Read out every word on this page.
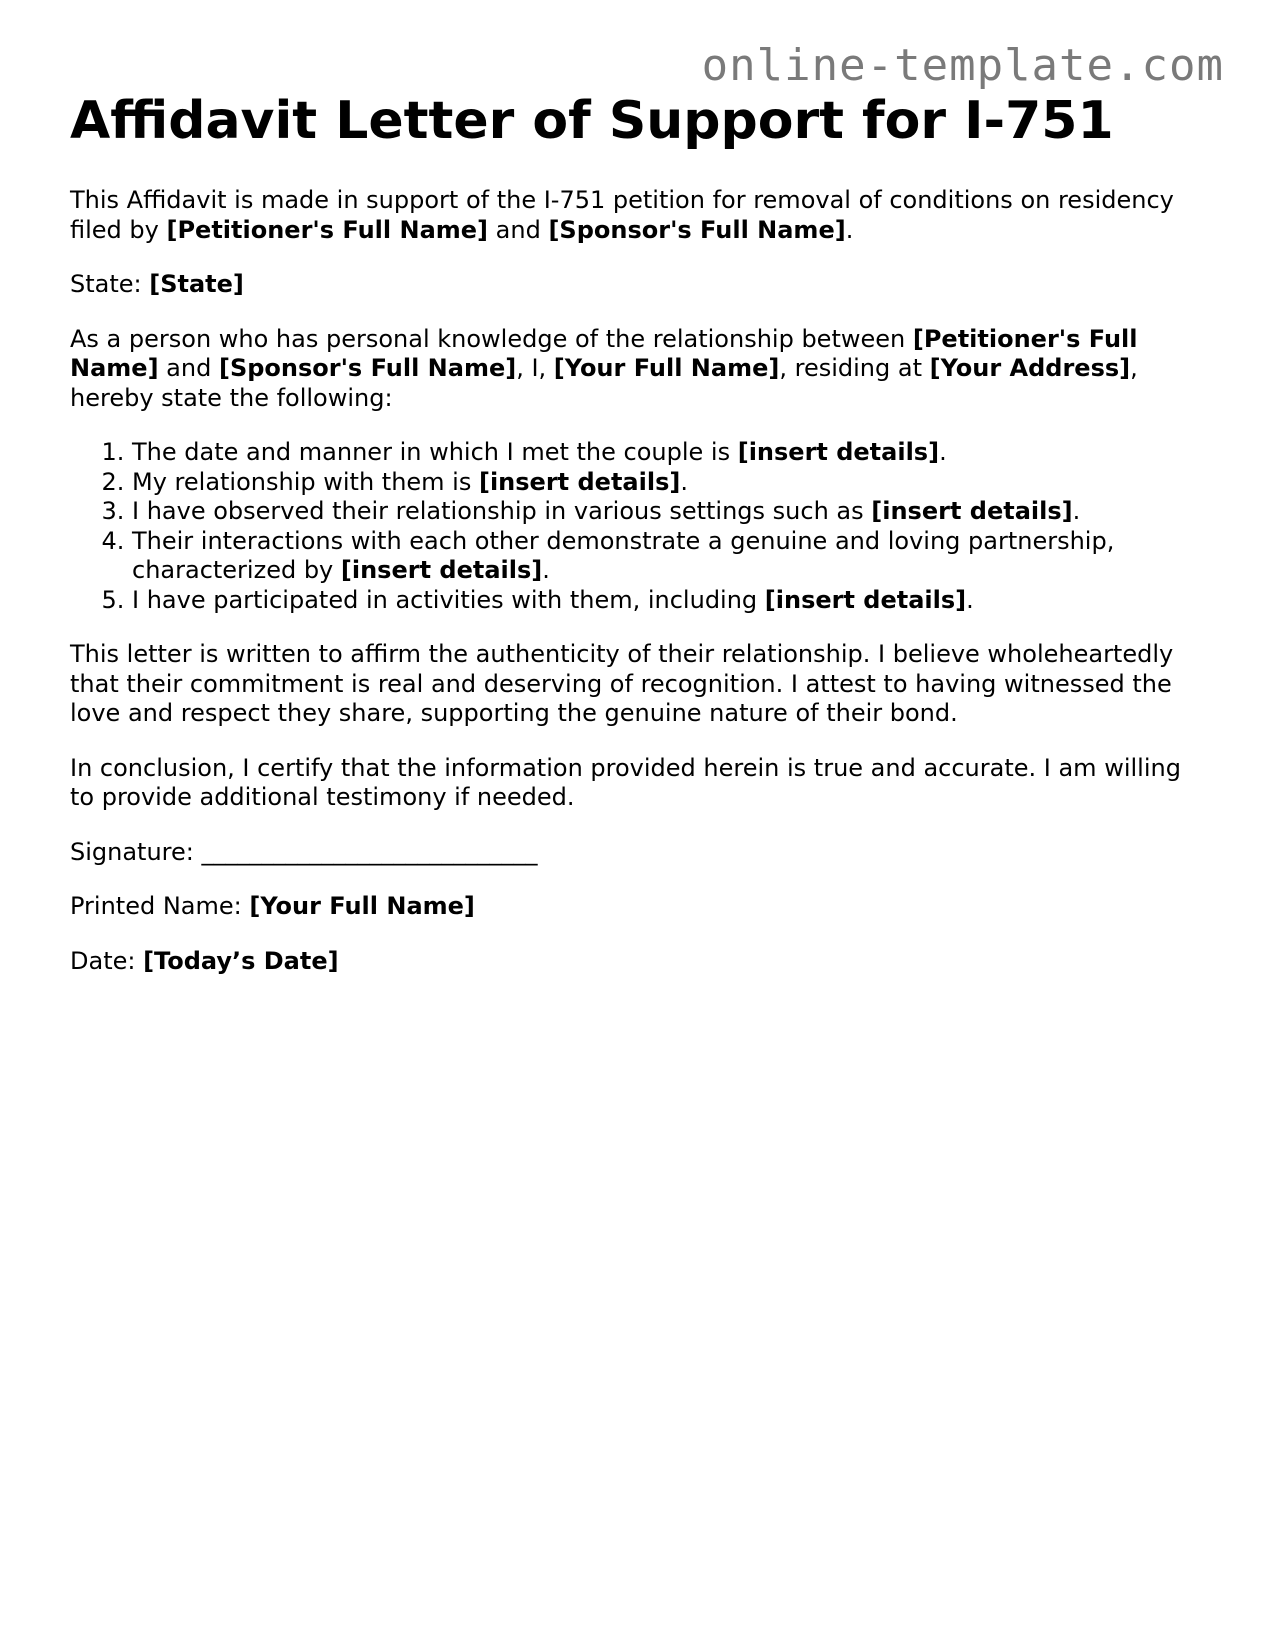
online-template.com
Affidavit Letter of Support for I-751

This Affidavit is made in support of the I-751 petition for removal of conditions on residency filed by [Petitioner's Full Name] and [Sponsor's Full Name].

State: [State]

As a person who has personal knowledge of the relationship between [Petitioner's Full Name] and [Sponsor's Full Name], I, [Your Full Name], residing at [Your Address], hereby state the following:

1. The date and manner in which I met the couple is [insert details].
2. My relationship with them is [insert details].
3. I have observed their relationship in various settings such as [insert details].
4. Their interactions with each other demonstrate a genuine and loving partnership, characterized by [insert details].
5. I have participated in activities with them, including [insert details].

This letter is written to affirm the authenticity of their relationship. I believe wholeheartedly that their commitment is real and deserving of recognition. I attest to having witnessed the love and respect they share, supporting the genuine nature of their bond.

In conclusion, I certify that the information provided herein is true and accurate. I am willing to provide additional testimony if needed.

Signature: ____________________________

Printed Name: [Your Full Name]

Date: [Today’s Date]
